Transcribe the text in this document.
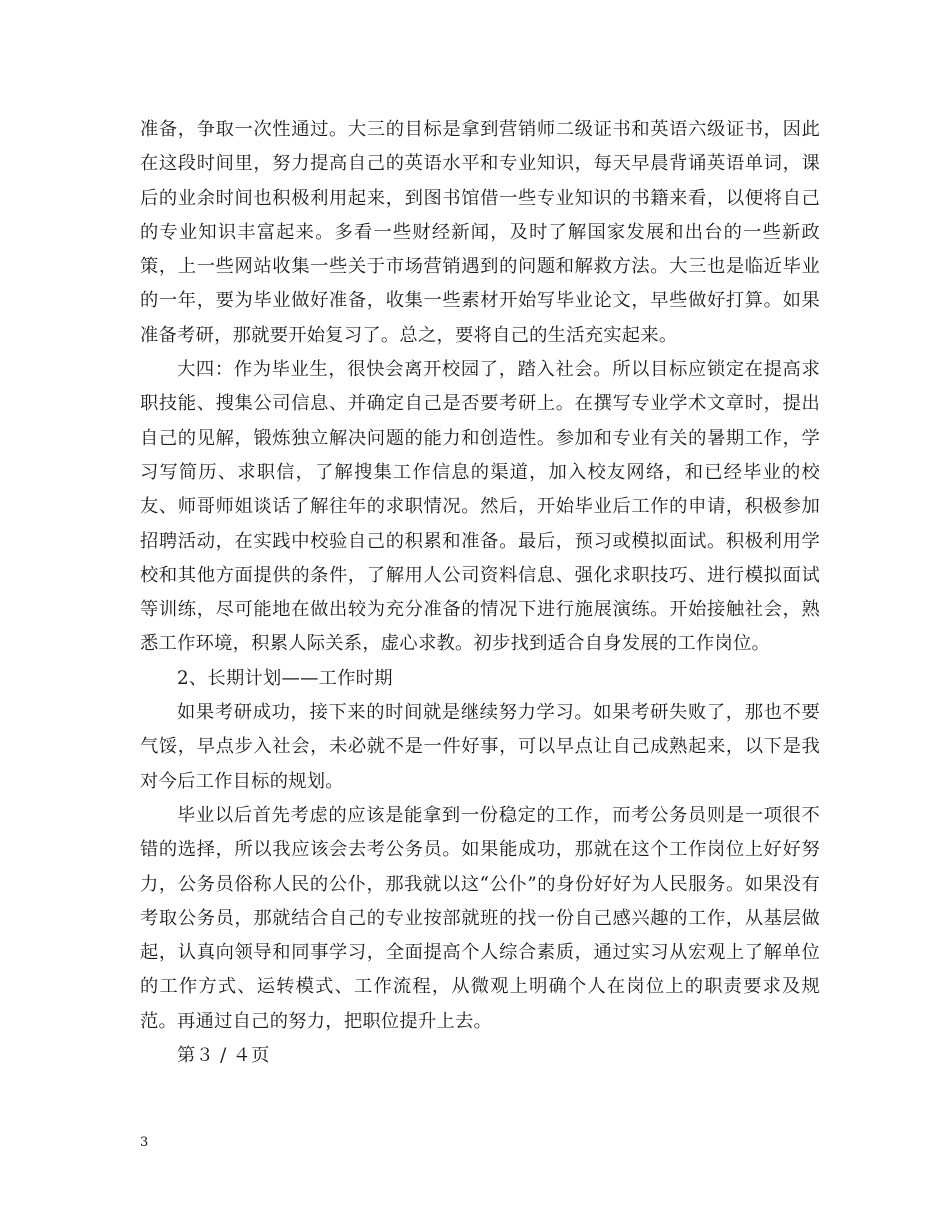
准备，争取一次性通过。大三的目标是拿到营销师二级证书和英语六级证书，因此在这段时间里，努力提高自己的英语水平和专业知识，每天早晨背诵英语单词，课后的业余时间也积极利用起来，到图书馆借一些专业知识的书籍来看，以便将自己的专业知识丰富起来。多看一些财经新闻，及时了解国家发展和出台的一些新政策，上一些网站收集一些关于市场营销遇到的问题和解救方法。大三也是临近毕业的一年，要为毕业做好准备，收集一些素材开始写毕业论文，早些做好打算。如果准备考研，那就要开始复习了。总之，要将自己的生活充实起来。

大四：作为毕业生，很快会离开校园了，踏入社会。所以目标应锁定在提高求职技能、搜集公司信息、并确定自己是否要考研上。在撰写专业学术文章时，提出自己的见解，锻炼独立解决问题的能力和创造性。参加和专业有关的暑期工作，学习写简历、求职信，了解搜集工作信息的渠道，加入校友网络，和已经毕业的校友、师哥师姐谈话了解往年的求职情况。然后，开始毕业后工作的申请，积极参加招聘活动，在实践中校验自己的积累和准备。最后，预习或模拟面试。积极利用学校和其他方面提供的条件，了解用人公司资料信息、强化求职技巧、进行模拟面试等训练，尽可能地在做出较为充分准备的情况下进行施展演练。开始接触社会，熟悉工作环境，积累人际关系，虚心求教。初步找到适合自身发展的工作岗位。

2、长期计划——工作时期

如果考研成功，接下来的时间就是继续努力学习。如果考研失败了，那也不要气馁，早点步入社会，未必就不是一件好事，可以早点让自己成熟起来，以下是我对今后工作目标的规划。

毕业以后首先考虑的应该是能拿到一份稳定的工作，而考公务员则是一项很不错的选择，所以我应该会去考公务员。如果能成功，那就在这个工作岗位上好好努力，公务员俗称人民的公仆，那我就以这“公仆”的身份好好为人民服务。如果没有考取公务员，那就结合自己的专业按部就班的找一份自己感兴趣的工作，从基层做起，认真向领导和同事学习，全面提高个人综合素质，通过实习从宏观上了解单位的工作方式、运转模式、工作流程，从微观上明确个人在岗位上的职责要求及规范。再通过自己的努力，把职位提升上去。

第３ / ４页

3
